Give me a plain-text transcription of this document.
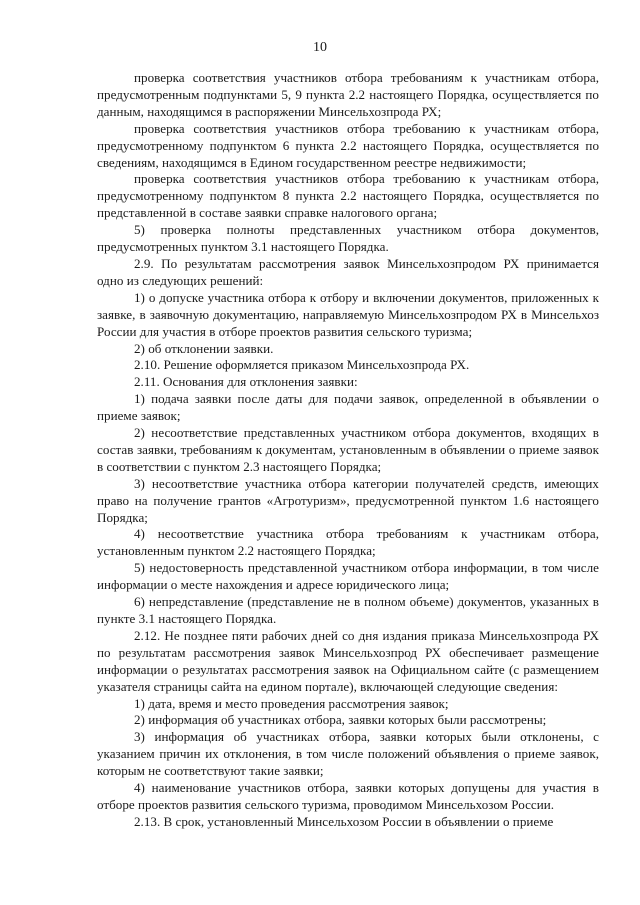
10

проверка соответствия участников отбора требованиям к участникам отбора, предусмотренным подпунктами 5, 9 пункта 2.2 настоящего Порядка, осуществляется по данным, находящимся в распоряжении Минсельхозпрода РХ;

проверка соответствия участников отбора требованию к участникам отбора, предусмотренному подпунктом 6 пункта 2.2 настоящего Порядка, осуществляется по сведениям, находящимся в Едином государственном реестре недвижимости;

проверка соответствия участников отбора требованию к участникам отбора, предусмотренному подпунктом 8 пункта 2.2 настоящего Порядка, осуществляется по представленной в составе заявки справке налогового органа;

5) проверка полноты представленных участником отбора документов, предусмотренных пунктом 3.1 настоящего Порядка.

2.9. По результатам рассмотрения заявок Минсельхозпродом РХ принимается одно из следующих решений:

1) о допуске участника отбора к отбору и включении документов, приложенных к заявке, в заявочную документацию, направляемую Минсельхозпродом РХ в Минсельхоз России для участия в отборе проектов развития сельского туризма;

2) об отклонении заявки.

2.10. Решение оформляется приказом Минсельхозпрода РХ.

2.11. Основания для отклонения заявки:

1) подача заявки после даты для подачи заявок, определенной в объявлении о приеме заявок;

2) несоответствие представленных участником отбора документов, входящих в состав заявки, требованиям к документам, установленным в объявлении о приеме заявок в соответствии с пунктом 2.3 настоящего Порядка;

3) несоответствие участника отбора категории получателей средств, имеющих право на получение грантов «Агротуризм», предусмотренной пунктом 1.6 настоящего Порядка;

4) несоответствие участника отбора требованиям к участникам отбора, установленным пунктом 2.2 настоящего Порядка;

5) недостоверность представленной участником отбора информации, в том числе информации о месте нахождения и адресе юридического лица;

6) непредставление (представление не в полном объеме) документов, указанных в пункте 3.1 настоящего Порядка.

2.12. Не позднее пяти рабочих дней со дня издания приказа Минсельхозпрода РХ по результатам рассмотрения заявок Минсельхозпрод РХ обеспечивает размещение информации о результатах рассмотрения заявок на Официальном сайте (с размещением указателя страницы сайта на едином портале), включающей следующие сведения:

1) дата, время и место проведения рассмотрения заявок;

2) информация об участниках отбора, заявки которых были рассмотрены;

3) информация об участниках отбора, заявки которых были отклонены, с указанием причин их отклонения, в том числе положений объявления о приеме заявок, которым не соответствуют такие заявки;

4) наименование участников отбора, заявки которых допущены для участия в отборе проектов развития сельского туризма, проводимом Минсельхозом России.

2.13. В срок, установленный Минсельхозом России в объявлении о приеме
